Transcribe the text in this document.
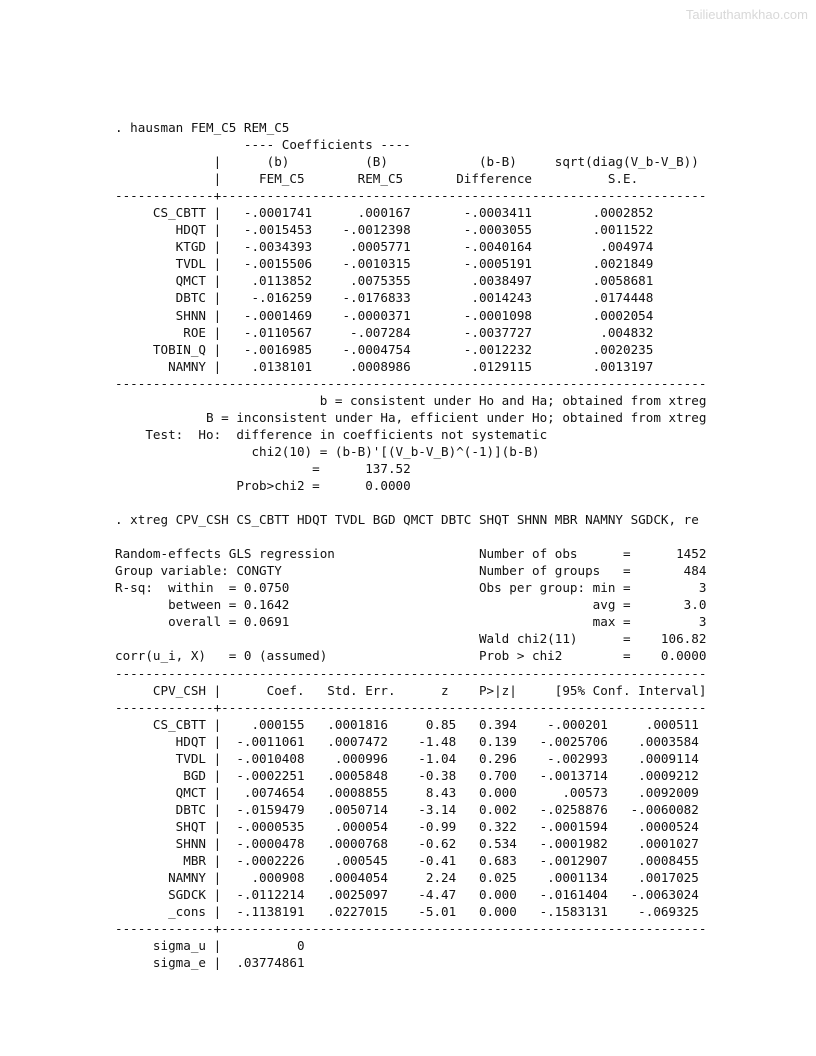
Tailieuthamkhao.com
. hausman FEM_C5 REM_C5
---- Coefficients ----
|      (b)          (B)            (b-B)     sqrt(diag(V_b-V_B))
|     FEM_C5       REM_C5       Difference          S.E.
-------------+----------------------------------------------------------------
CS_CBTT |   -.0001741      .000167       -.0003411        .0002852
HDQT |   -.0015453    -.0012398       -.0003055        .0011522
KTGD |   -.0034393     .0005771       -.0040164         .004974
TVDL |   -.0015506    -.0010315       -.0005191        .0021849
QMCT |    .0113852     .0075355        .0038497        .0058681
DBTC |    -.016259    -.0176833        .0014243        .0174448
SHNN |   -.0001469    -.0000371       -.0001098        .0002054
ROE |   -.0110567     -.007284       -.0037727         .004832
TOBIN_Q |   -.0016985    -.0004754       -.0012232        .0020235
NAMNY |    .0138101     .0008986        .0129115        .0013197
------------------------------------------------------------------------------
b = consistent under Ho and Ha; obtained from xtreg
B = inconsistent under Ha, efficient under Ho; obtained from xtreg
Test:  Ho:  difference in coefficients not systematic
chi2(10) = (b-B)'[(V_b-V_B)^(-1)](b-B)
=      137.52
Prob>chi2 =      0.0000
. xtreg CPV_CSH CS_CBTT HDQT TVDL BGD QMCT DBTC SHQT SHNN MBR NAMNY SGDCK, re
Random-effects GLS regression                   Number of obs      =      1452
Group variable: CONGTY                          Number of groups   =       484
R-sq:  within  = 0.0750                         Obs per group: min =         3
between = 0.1642                                        avg =       3.0
overall = 0.0691                                        max =         3
Wald chi2(11)      =    106.82
corr(u_i, X)   = 0 (assumed)                    Prob > chi2        =    0.0000
------------------------------------------------------------------------------
CPV_CSH |      Coef.   Std. Err.      z    P>|z|     [95% Conf. Interval]
-------------+----------------------------------------------------------------
CS_CBTT |    .000155   .0001816     0.85   0.394    -.000201     .000511
HDQT |  -.0011061   .0007472    -1.48   0.139   -.0025706    .0003584
TVDL |  -.0010408    .000996    -1.04   0.296    -.002993    .0009114
BGD |  -.0002251   .0005848    -0.38   0.700   -.0013714    .0009212
QMCT |   .0074654   .0008855     8.43   0.000      .00573    .0092009
DBTC |  -.0159479   .0050714    -3.14   0.002   -.0258876   -.0060082
SHQT |  -.0000535    .000054    -0.99   0.322   -.0001594    .0000524
SHNN |  -.0000478   .0000768    -0.62   0.534   -.0001982    .0001027
MBR |  -.0002226    .000545    -0.41   0.683   -.0012907    .0008455
NAMNY |    .000908   .0004054     2.24   0.025    .0001134    .0017025
SGDCK |  -.0112214   .0025097    -4.47   0.000   -.0161404   -.0063024
_cons |  -.1138191   .0227015    -5.01   0.000   -.1583131    -.069325
-------------+----------------------------------------------------------------
sigma_u |          0
sigma_e |  .03774861
